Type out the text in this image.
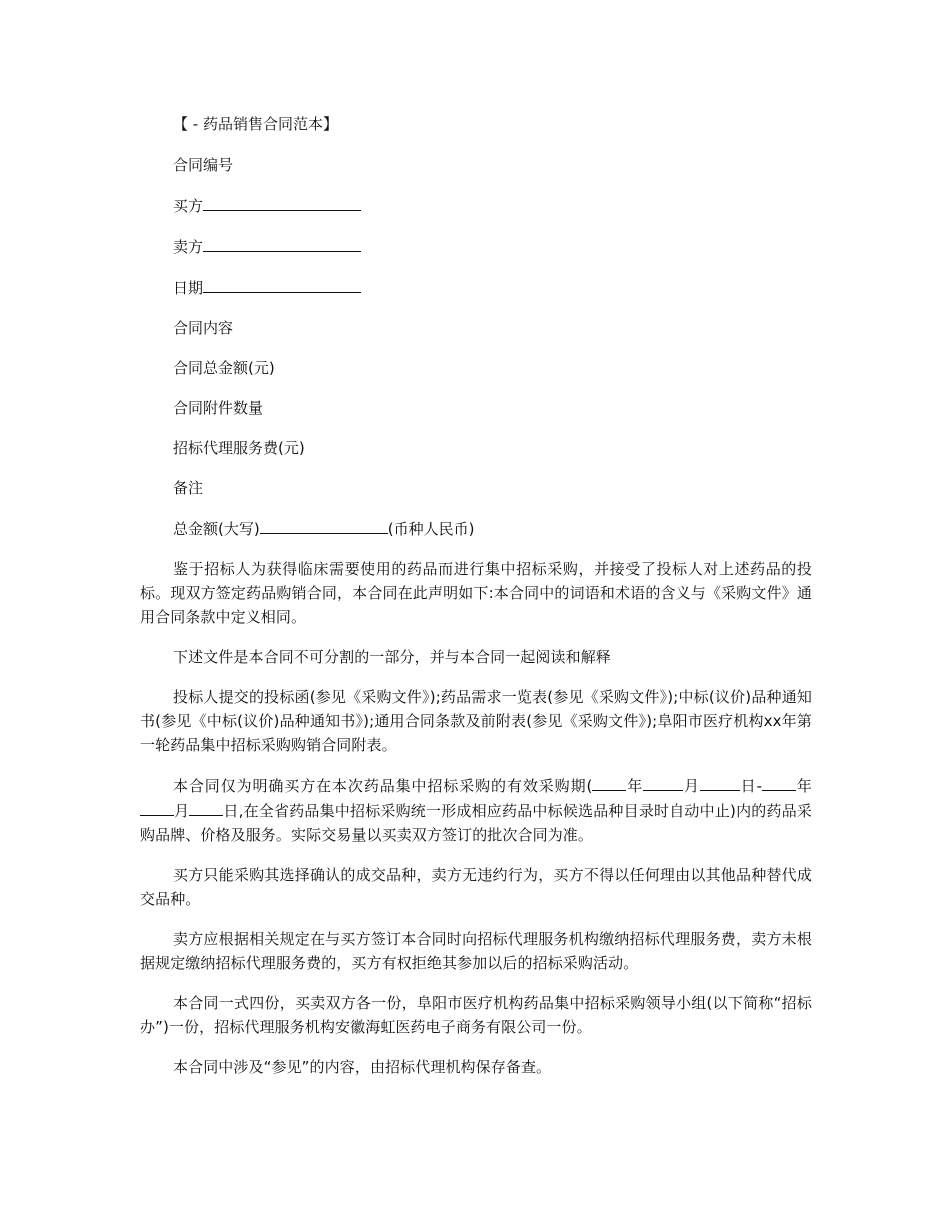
【 - 药品销售合同范本】
合同编号
买方
卖方
日期
合同内容
合同总金额(元)
合同附件数量
招标代理服务费(元)
备注
总金额(大写)	(币种人民币)

鉴于招标人为获得临床需要使用的药品而进行集中招标采购，并接受了投标人对上述药品的投标。现双方签定药品购销合同，本合同在此声明如下:本合同中的词语和术语的含义与《采购文件》通用合同条款中定义相同。

下述文件是本合同不可分割的一部分，并与本合同一起阅读和解释

投标人提交的投标函(参见《采购文件》);药品需求一览表(参见《采购文件》);中标(议价)品种通知书(参见《中标(议价)品种通知书》);通用合同条款及前附表(参见《采购文件》);阜阳市医疗机构xx年第一轮药品集中招标采购购销合同附表。

本合同仅为明确买方在本次药品集中招标采购的有效采购期( 年	月	日- 年月 日,在全省药品集中招标采购统一形成相应药品中标候选品种目录时自动中止)内的药品采购品牌、价格及服务。实际交易量以买卖双方签订的批次合同为准。

买方只能采购其选择确认的成交品种，卖方无违约行为，买方不得以任何理由以其他品种替代成交品种。

卖方应根据相关规定在与买方签订本合同时向招标代理服务机构缴纳招标代理服务费，卖方未根据规定缴纳招标代理服务费的，买方有权拒绝其参加以后的招标采购活动。

本合同一式四份，买卖双方各一份，阜阳市医疗机构药品集中招标采购领导小组(以下简称“招标办”)一份，招标代理服务机构安徽海虹医药电子商务有限公司一份。

本合同中涉及“参见”的内容，由招标代理机构保存备查。
